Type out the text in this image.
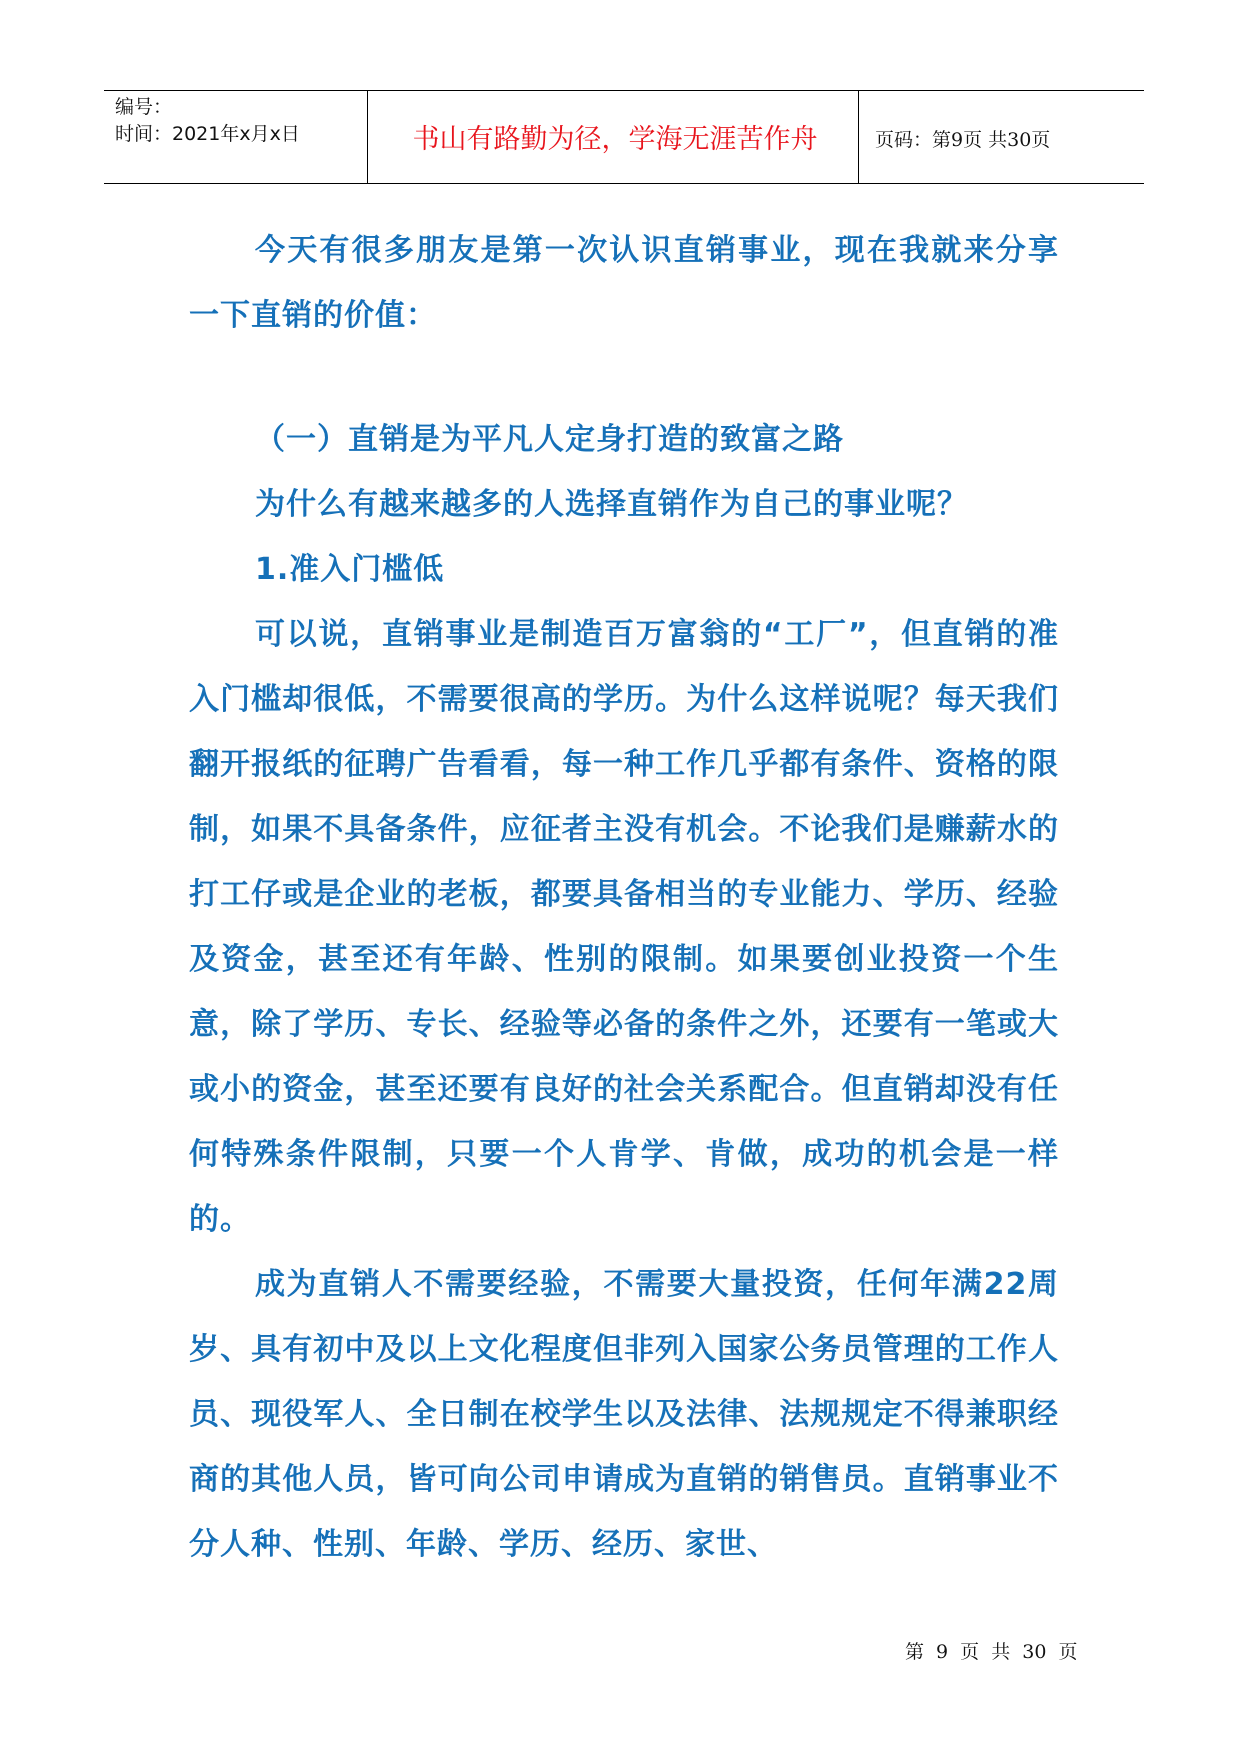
编号：
时间：2021年x月x日	书山有路勤为径，学海无涯苦作舟	页码：第9页 共30页

今天有很多朋友是第一次认识直销事业，现在我就来分享一下直销的价值：

（一）直销是为平凡人定身打造的致富之路

为什么有越来越多的人选择直销作为自己的事业呢？

1.准入门槛低

可以说，直销事业是制造百万富翁的“工厂”，但直销的准入门槛却很低，不需要很高的学历。为什么这样说呢？每天我们翻开报纸的征聘广告看看，每一种工作几乎都有条件、资格的限制，如果不具备条件，应征者主没有机会。不论我们是赚薪水的打工仔或是企业的老板，都要具备相当的专业能力、学历、经验及资金，甚至还有年龄、性别的限制。如果要创业投资一个生意，除了学历、专长、经验等必备的条件之外，还要有一笔或大或小的资金，甚至还要有良好的社会关系配合。但直销却没有任何特殊条件限制，只要一个人肯学、肯做，成功的机会是一样的。

成为直销人不需要经验，不需要大量投资，任何年满22周岁、具有初中及以上文化程度但非列入国家公务员管理的工作人员、现役军人、全日制在校学生以及法律、法规规定不得兼职经商的其他人员，皆可向公司申请成为直销的销售员。直销事业不分人种、性别、年龄、学历、经历、家世、

第 9 页 共 30 页
